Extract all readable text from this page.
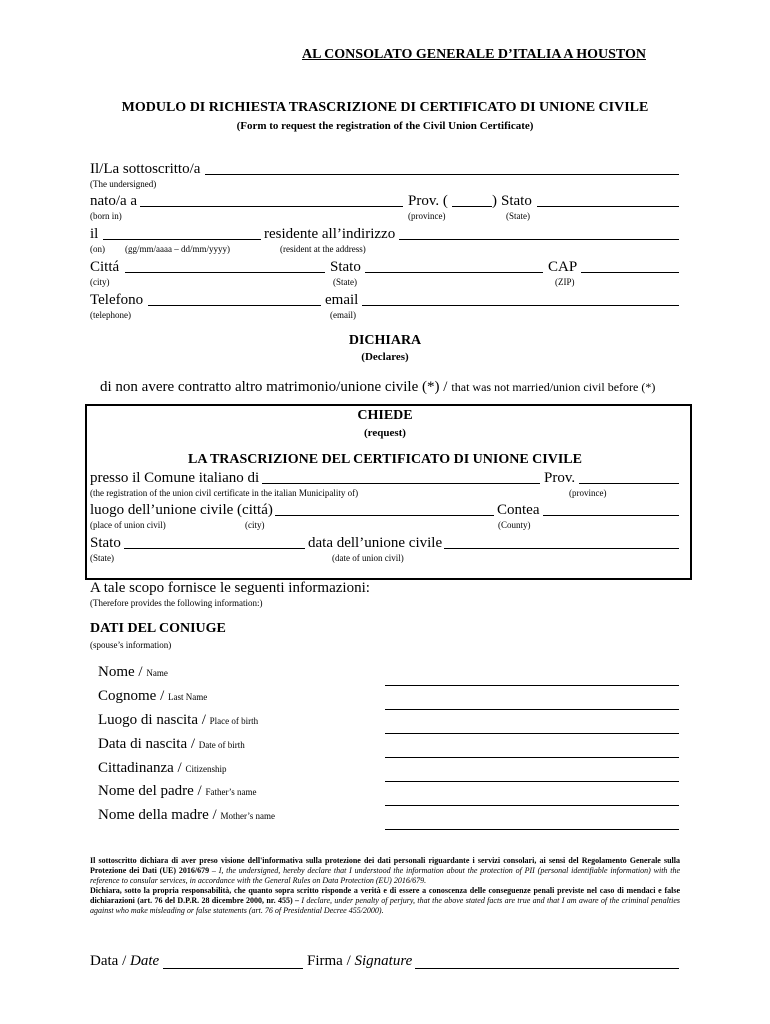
AL CONSOLATO GENERALE D’ITALIA A HOUSTON
MODULO DI RICHIESTA TRASCRIZIONE DI CERTIFICATO DI UNIONE CIVILE
(Form to request the registration of the Civil Union Certificate)
Il/La sottoscritto/a
(The undersigned)
nato/a a	Prov. (	) Stato
(born in)	(province)	(State)
il	residente all’indirizzo
(on) (gg/mm/aaaa – dd/mm/yyyy)	(resident at the address)
Cittá	Stato	CAP
(city)	(State)	(ZIP)
Telefono	email
(telephone)	(email)
DICHIARA
(Declares)
di non avere contratto altro matrimonio/unione civile (*) / that was not married/union civil before (*)
CHIEDE
(request)
LA TRASCRIZIONE DEL CERTIFICATO DI UNIONE CIVILE
presso il Comune italiano di	Prov.
(the registration of the union civil certificate in the italian Municipality of)	(province)
luogo dell’unione civile (cittá)	Contea
(place of union civil)	(city)	(County)
Stato	data dell’unione civile
(State)	(date of union civil)
A tale scopo fornisce le seguenti informazioni:
(Therefore provides the following information:)
DATI DEL CONIUGE
(spouse’s information)
Nome / Name
Cognome / Last Name
Luogo di nascita / Place of birth
Data di nascita / Date of birth
Cittadinanza / Citizenship
Nome del padre / Father’s name
Nome della madre / Mother’s name
Il sottoscritto dichiara di aver preso visione dell'informativa sulla protezione dei dati personali riguardante i servizi consolari, ai sensi del Regolamento Generale sulla Protezione dei Dati (UE) 2016/679 – I, the undersigned, hereby declare that I understood the information about the protection of PII (personal identifiable information) with the reference to consular services, in accordance with the General Rules on Data Protection (EU) 2016/679.
Dichiara, sotto la propria responsabilità, che quanto sopra scritto risponde a verità e di essere a conoscenza delle conseguenze penali previste nel caso di mendaci e false dichiarazioni (art. 76 del D.P.R. 28 dicembre 2000, nr. 455) – I declare, under penalty of perjury, that the above stated facts are true and that I am aware of the criminal penalties against who make misleading or false statements (art. 76 of Presidential Decree 455/2000).
Data / Date	Firma / Signature
